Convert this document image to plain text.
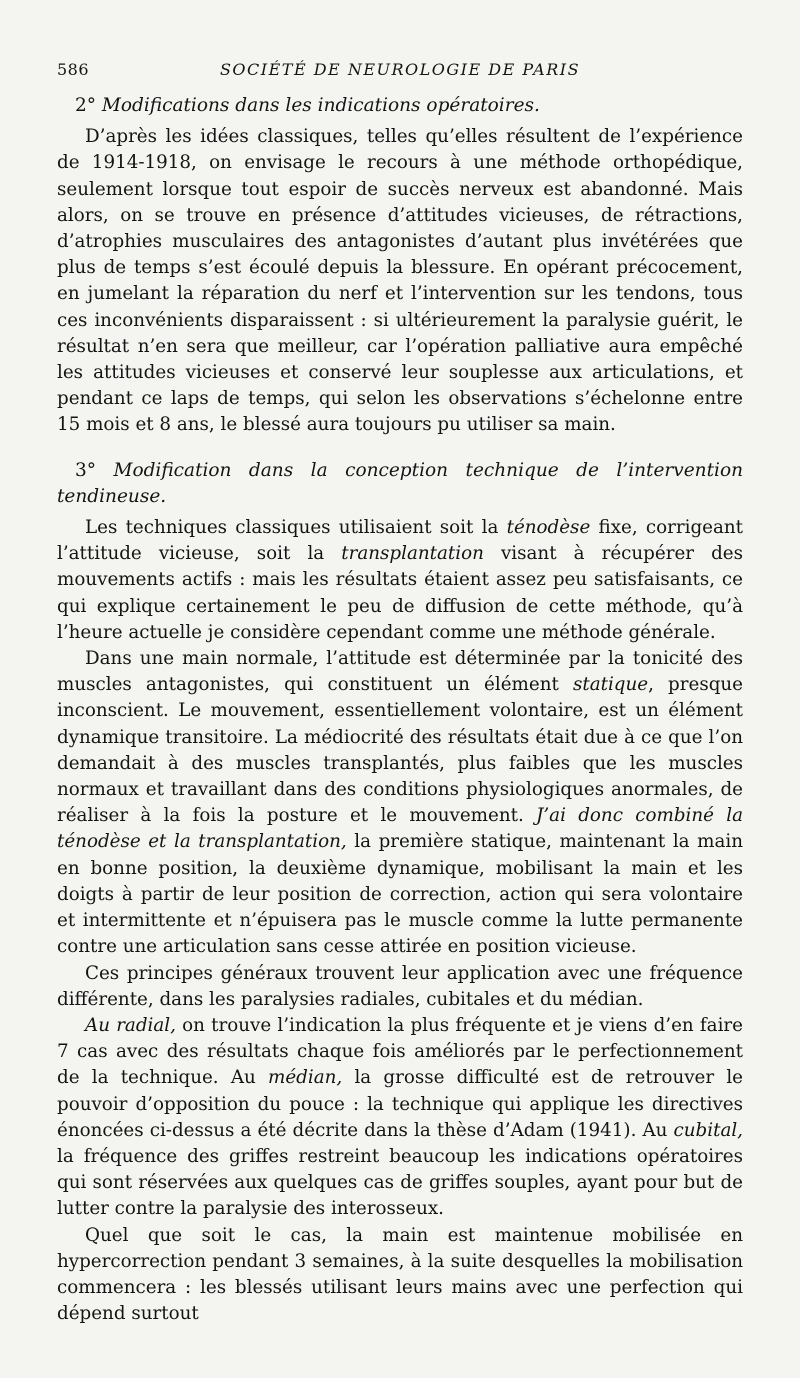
586	SOCIÉTÉ DE NEUROLOGIE DE PARIS
2° Modifications dans les indications opératoires.

D’après les idées classiques, telles qu’elles résultent de l’expérience de 1914-1918, on envisage le recours à une méthode orthopédique, seulement lorsque tout espoir de succès nerveux est abandonné. Mais alors, on se trouve en présence d’attitudes vicieuses, de rétractions, d’atrophies musculaires des antagonistes d’autant plus invétérées que plus de temps s’est écoulé depuis la blessure. En opérant précocement, en jumelant la réparation du nerf et l’intervention sur les tendons, tous ces inconvénients disparaissent : si ultérieurement la paralysie guérit, le résultat n’en sera que meilleur, car l’opération palliative aura empêché les attitudes vicieuses et conservé leur souplesse aux articulations, et pendant ce laps de temps, qui selon les observations s’échelonne entre 15 mois et 8 ans, le blessé aura toujours pu utiliser sa main.

3° Modification dans la conception technique de l’intervention tendineuse.

Les techniques classiques utilisaient soit la ténodèse fixe, corrigeant l’attitude vicieuse, soit la transplantation visant à récupérer des mouvements actifs : mais les résultats étaient assez peu satisfaisants, ce qui explique certainement le peu de diffusion de cette méthode, qu’à l’heure actuelle je considère cependant comme une méthode générale.

Dans une main normale, l’attitude est déterminée par la tonicité des muscles antagonistes, qui constituent un élément statique, presque inconscient. Le mouvement, essentiellement volontaire, est un élément dynamique transitoire. La médiocrité des résultats était due à ce que l’on demandait à des muscles transplantés, plus faibles que les muscles normaux et travaillant dans des conditions physiologiques anormales, de réaliser à la fois la posture et le mouvement. J’ai donc combiné la ténodèse et la transplantation, la première statique, maintenant la main en bonne position, la deuxième dynamique, mobilisant la main et les doigts à partir de leur position de correction, action qui sera volontaire et intermittente et n’épuisera pas le muscle comme la lutte permanente contre une articulation sans cesse attirée en position vicieuse.

Ces principes généraux trouvent leur application avec une fréquence différente, dans les paralysies radiales, cubitales et du médian.

Au radial, on trouve l’indication la plus fréquente et je viens d’en faire 7 cas avec des résultats chaque fois améliorés par le perfectionnement de la technique. Au médian, la grosse difficulté est de retrouver le pouvoir d’opposition du pouce : la technique qui applique les directives énoncées ci-dessus a été décrite dans la thèse d’Adam (1941). Au cubital, la fréquence des griffes restreint beaucoup les indications opératoires qui sont réservées aux quelques cas de griffes souples, ayant pour but de lutter contre la paralysie des interosseux.

Quel que soit le cas, la main est maintenue mobilisée en hypercorrection pendant 3 semaines, à la suite desquelles la mobilisation commencera : les blessés utilisant leurs mains avec une perfection qui dépend surtout
